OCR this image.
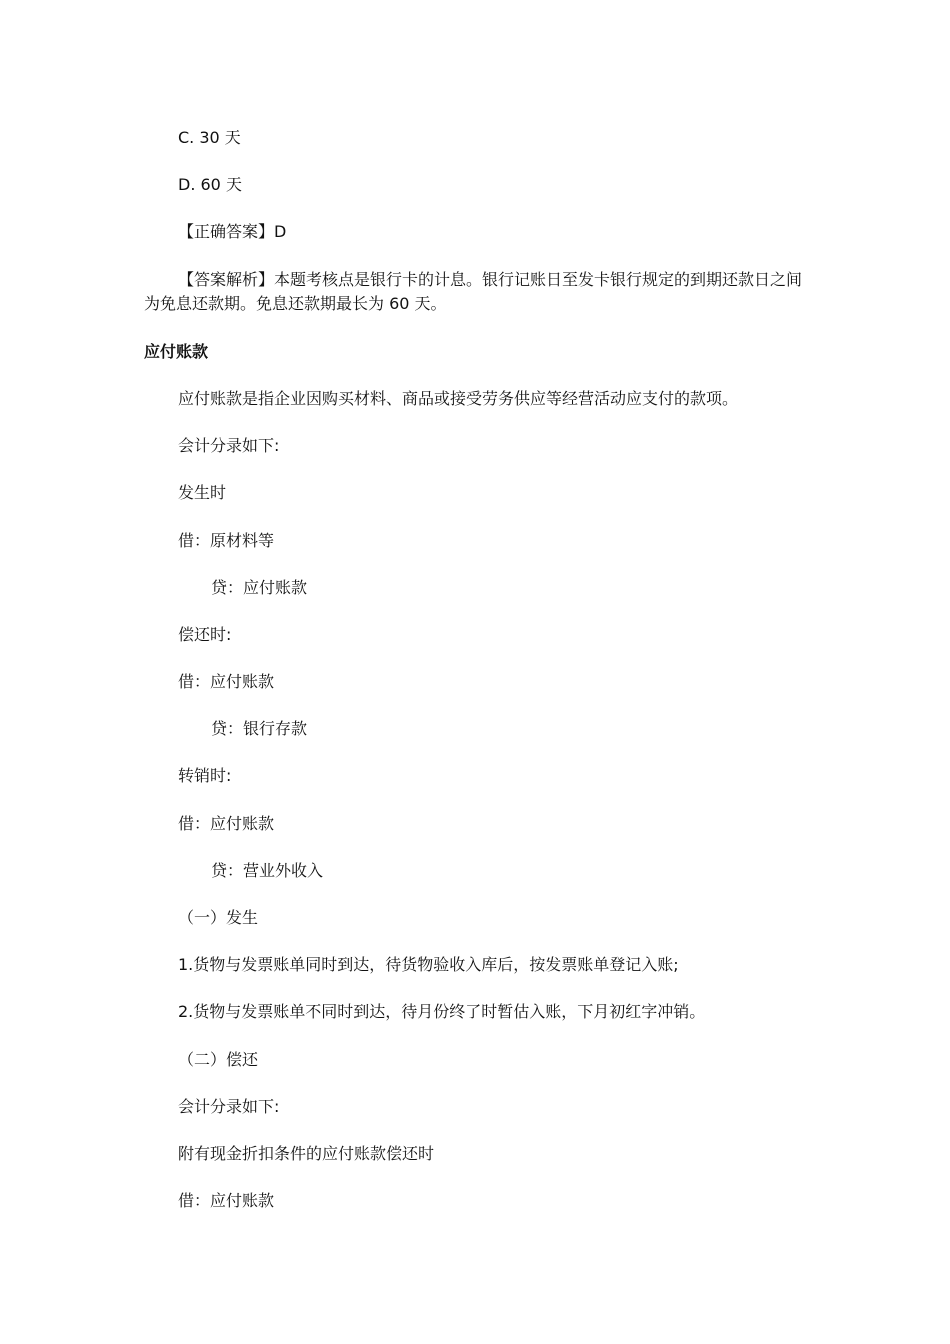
C. 30 天

D. 60 天

【正确答案】D

【答案解析】本题考核点是银行卡的计息。银行记账日至发卡银行规定的到期还款日之间为免息还款期。免息还款期最长为 60 天。

应付账款

应付账款是指企业因购买材料、商品或接受劳务供应等经营活动应支付的款项。

会计分录如下:

发生时

借：原材料等

贷：应付账款

偿还时:

借：应付账款

贷：银行存款

转销时:

借：应付账款

贷：营业外收入

（一）发生

1.货物与发票账单同时到达，待货物验收入库后，按发票账单登记入账;

2.货物与发票账单不同时到达，待月份终了时暂估入账，下月初红字冲销。

（二）偿还

会计分录如下:

附有现金折扣条件的应付账款偿还时

借：应付账款
